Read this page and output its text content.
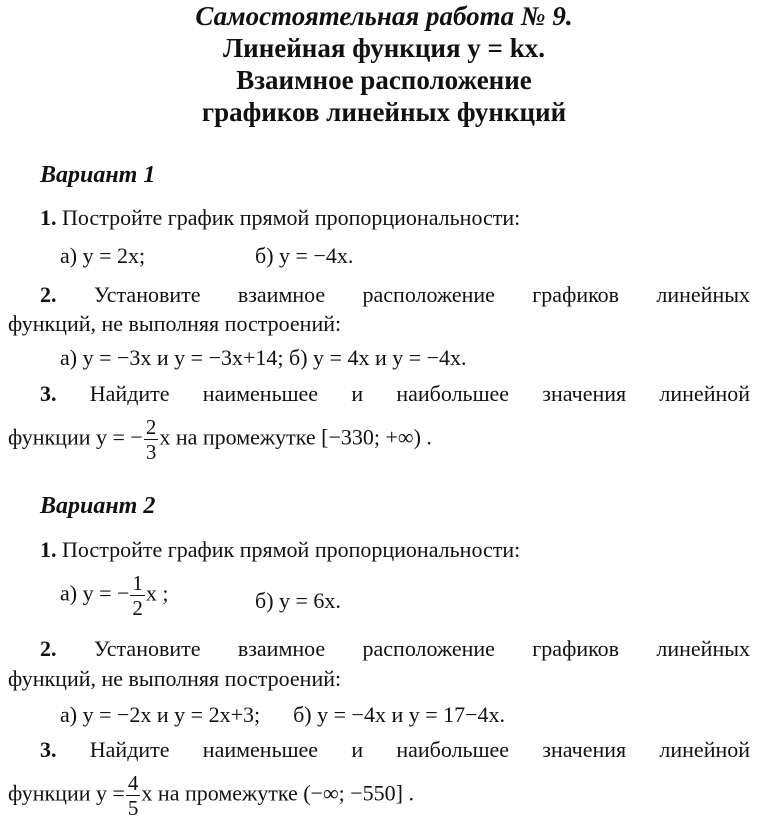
Самостоятельная работа № 9.
Линейная функция y = kx.
Взаимное расположение
графиков линейных функций
Вариант 1
1. Постройте график прямой пропорциональности:
а) y = 2x;	б) y = −4x.
2. Установите взаимное расположение графиков линейных
функций, не выполняя построений:
а) y = −3x и y = −3x+14; б) y = 4x и y = −4x.
3. Найдите наименьшее и наибольшее значения линейной
функции y = − $\frac{2}{3}$ x на промежутке [−330; +∞) .
Вариант 2
1. Постройте график прямой пропорциональности:
а) y = − $\frac{1}{2}$ x ;	б) y = 6x.
2. Установите взаимное расположение графиков линейных
функций, не выполняя построений:
а) y = −2x и y = 2x+3;      б) y = −4x и y = 17−4x.
3. Найдите наименьшее и наибольшее значения линейной
функции $y = \frac{4}{5}$ x на промежутке (−∞; −550] .
